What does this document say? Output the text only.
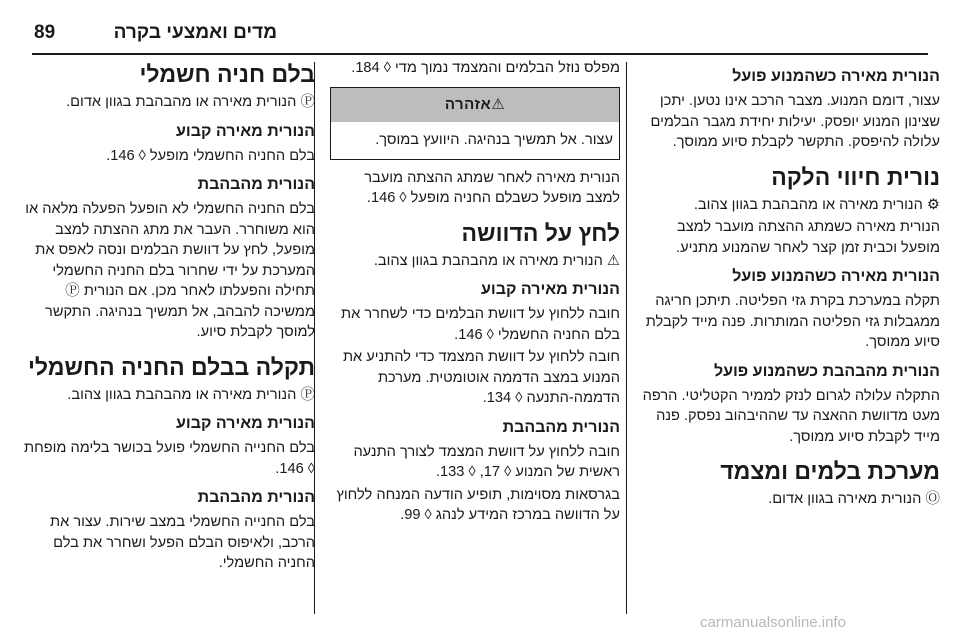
89	מדים ואמצעי בקרה
הנורית מאירה כשהמנוע פועל
עצור, דומם המנוע. מצבר הרכב אינו נטען. יתכן שצינון המנוע יופסק. יעילות יחידת מגבר הבלמים עלולה להיפסק. התקשר לקבלת סיוע ממוסך.
נורית חיווי הלקה
⚙ הנורית מאירה או מהבהבת בגוון צהוב.
הנורית מאירה כשמתג ההצתה מועבר למצב מופעל וכבית זמן קצר לאחר שהמנוע מתניע.
הנורית מאירה כשהמנוע פועל
תקלה במערכת בקרת גזי הפליטה. תיתכן חריגה ממגבלות גזי הפליטה המותרות. פנה מייד לקבלת סיוע ממוסך.
הנורית מהבהבת כשהמנוע פועל
התקלה עלולה לגרום לנזק לממיר הקטליטי. הרפה מעט מדוושת ההאצה עד שההיבהוב נפסק. פנה מייד לקבלת סיוע ממוסך.
מערכת בלמים ומצמד
Ⓞ הנורית מאירה בגוון אדום.
מפלס נוזל הבלמים והמצמד נמוך מדי ◊ 184.
⚠אזהרה
עצור. אל תמשיך בנהיגה. היוועץ במוסך.
הנורית מאירה לאחר שמתג ההצתה מועבר למצב מופעל כשבלם החניה מופעל ◊ 146.
לחץ על הדוושה
⚠ הנורית מאירה או מהבהבת בגוון צהוב.
הנורית מאירה קבוע
חובה ללחוץ על דוושת הבלמים כדי לשחרר את בלם החניה החשמלי ◊ 146.
חובה ללחוץ על דוושת המצמד כדי להתניע את המנוע במצב הדממה אוטומטית. מערכת הדממה-התנעה ◊ 134.
הנורית מהבהבת
חובה ללחוץ על דוושת המצמד לצורך התנעה ראשית של המנוע ◊ 17, ◊ 133.
בגרסאות מסוימות, תופיע הודעה המנחה ללחוץ על הדוושה במרכז המידע לנהג ◊ 99.
בלם חניה חשמלי
Ⓟ הנורית מאירה או מהבהבת בגוון אדום.
הנורית מאירה קבוע
בלם החניה החשמלי מופעל ◊ 146.
הנורית מהבהבת
בלם החניה החשמלי לא הופעל הפעלה מלאה או הוא משוחרר. העבר את מתג ההצתה למצב מופעל, לחץ על דוושת הבלמים ונסה לאפס את המערכת על ידי שחרור בלם החניה החשמלי תחילה והפעלתו לאחר מכן. אם הנורית Ⓟ ממשיכה להבהב, אל תמשיך בנהיגה. התקשר למוסך לקבלת סיוע.
תקלה בבלם החניה החשמלי
Ⓟ הנורית מאירה או מהבהבת בגוון צהוב.
הנורית מאירה קבוע
בלם החנייה החשמלי פועל בכושר בלימה מופחת ◊ 146.
הנורית מהבהבת
בלם החנייה החשמלי במצב שירות. עצור את הרכב, ולאיפוס הבלם הפעל ושחרר את בלם החניה החשמלי.
carmanualsonline.info
